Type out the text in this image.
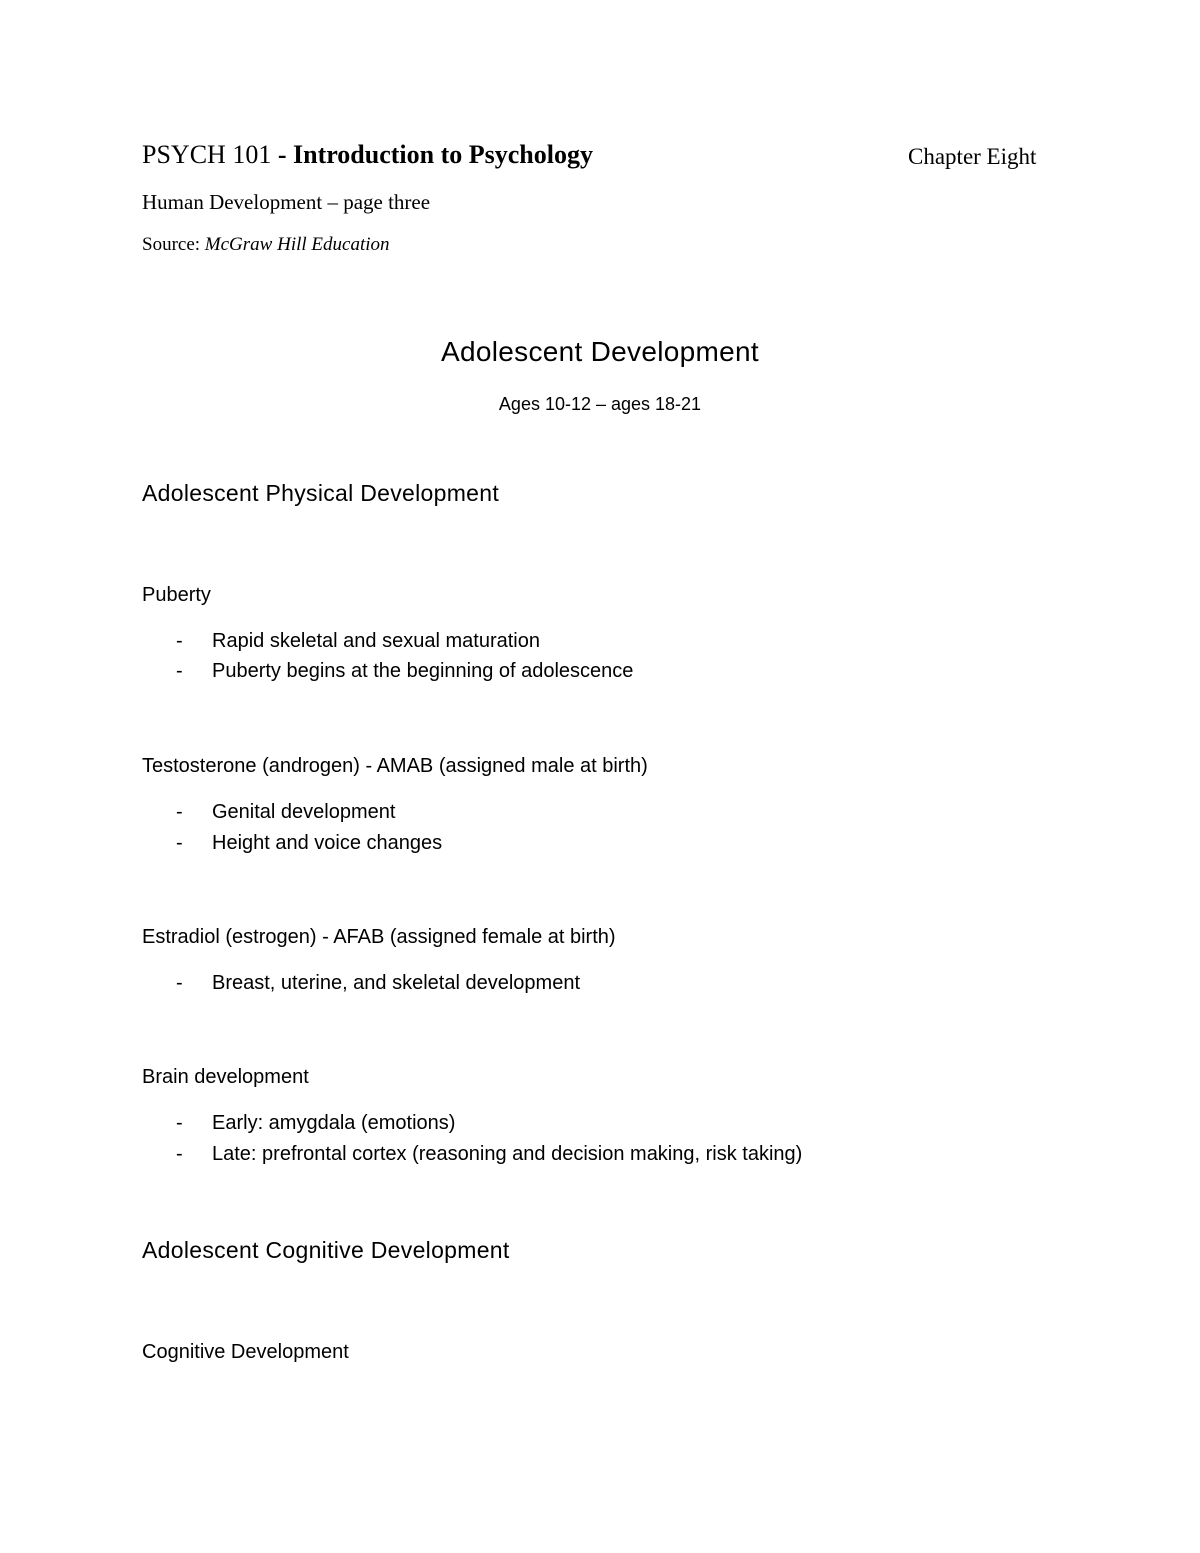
PSYCH 101 - Introduction to Psychology	Chapter Eight
Human Development – page three
Source: McGraw Hill Education
Adolescent Development
Ages 10-12 – ages 18-21
Adolescent Physical Development
Puberty
- Rapid skeletal and sexual maturation
- Puberty begins at the beginning of adolescence
Testosterone (androgen) - AMAB (assigned male at birth)
- Genital development
- Height and voice changes
Estradiol (estrogen) - AFAB (assigned female at birth)
- Breast, uterine, and skeletal development
Brain development
- Early: amygdala (emotions)
- Late: prefrontal cortex (reasoning and decision making, risk taking)
Adolescent Cognitive Development
Cognitive Development
